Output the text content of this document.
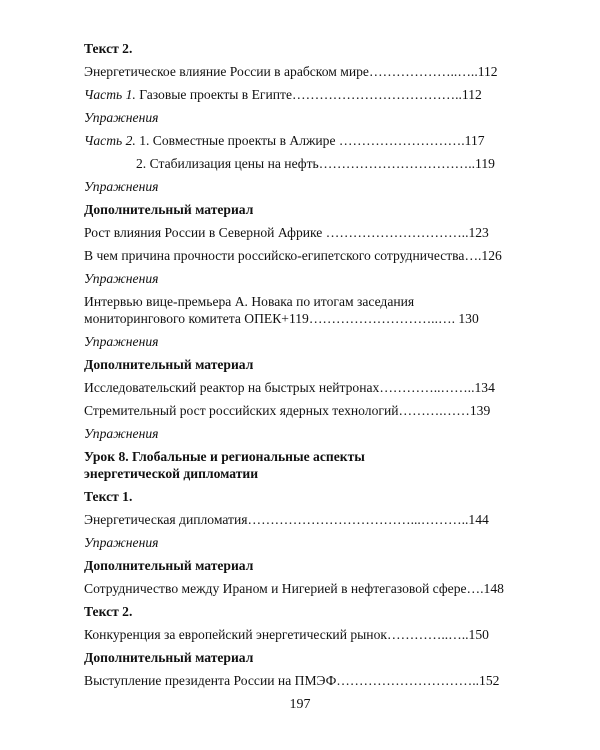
Текст 2.
Энергетическое влияние России в арабском мире………………..…..112
Часть 1. Газовые проекты в Египте………………………………..112
Упражнения
Часть 2. 1. Совместные проекты в Алжире ……………………….117
2. Стабилизация цены на нефть……………………………..119
Упражнения
Дополнительный материал
Рост влияния России в Северной Африке …………………………..123
В чем причина прочности российско-египетского сотрудничества….126
Упражнения
Интервью вице-премьера А. Новака по итогам заседания
мониторингового комитета ОПЕК+119………………………..…. 130
Упражнения
Дополнительный материал
Исследовательский реактор на быстрых нейтронах…………..……..134
Стремительный рост российских ядерных технологий……….……139
Упражнения
Урок 8. Глобальные и региональные аспекты
энергетической дипломатии
Текст 1.
Энергетическая дипломатия………………………………...………..144
Упражнения
Дополнительный материал
Сотрудничество между Ираном и Нигерией в нефтегазовой сфере….148
Текст 2.
Конкуренция за европейский энергетический рынок…………..…..150
Дополнительный материал
Выступление президента России на ПМЭФ…………………………..152
197
